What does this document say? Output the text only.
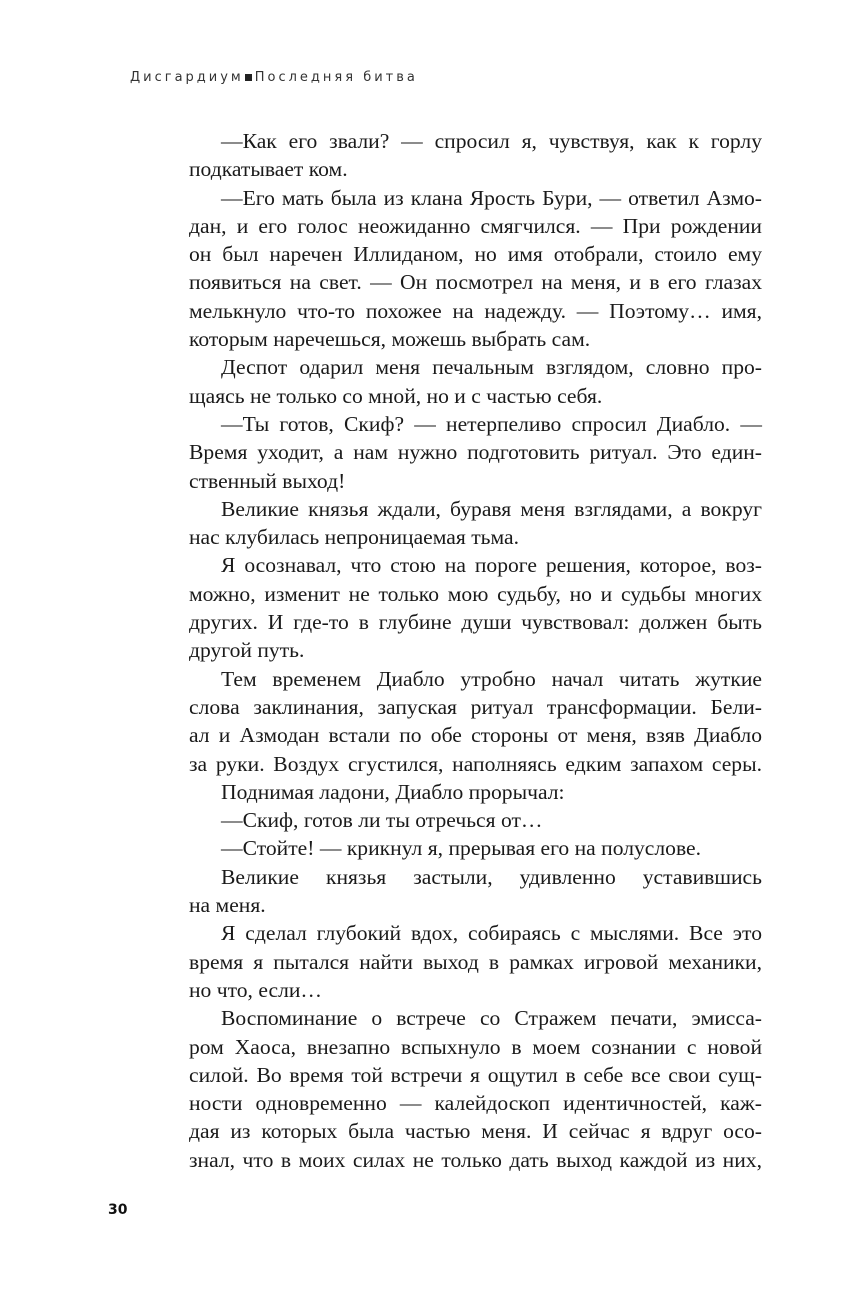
Дисгардиум Последняя битва
—Как его звали? — спросил я, чувствуя, как к горлу
подкатывает ком.
—Его мать была из клана Ярость Бури, — ответил Азмо-
дан, и его голос неожиданно смягчился. — При рождении
он был наречен Иллиданом, но имя отобрали, стоило ему
появиться на свет. — Он посмотрел на меня, и в его глазах
мелькнуло что-то похожее на надежду. — Поэтому… имя,
которым наречешься, можешь выбрать сам.
Деспот одарил меня печальным взглядом, словно про-
щаясь не только со мной, но и с частью себя.
—Ты готов, Скиф? — нетерпеливо спросил Диабло. —
Время уходит, а нам нужно подготовить ритуал. Это един-
ственный выход!
Великие князья ждали, буравя меня взглядами, а вокруг
нас клубилась непроницаемая тьма.
Я осознавал, что стою на пороге решения, которое, воз-
можно, изменит не только мою судьбу, но и судьбы многих
других. И где-то в глубине души чувствовал: должен быть
другой путь.
Тем временем Диабло утробно начал читать жуткие
слова заклинания, запуская ритуал трансформации. Бели-
ал и Азмодан встали по обе стороны от меня, взяв Диабло
за руки. Воздух сгустился, наполняясь едким запахом серы.
Поднимая ладони, Диабло прорычал:
—Скиф, готов ли ты отречься от…
—Стойте! — крикнул я, прерывая его на полуслове.
Великие князья застыли, удивленно уставившись
на меня.
Я сделал глубокий вдох, собираясь с мыслями. Все это
время я пытался найти выход в рамках игровой механики,
но что, если…
Воспоминание о встрече со Стражем печати, эмисса-
ром Хаоса, внезапно вспыхнуло в моем сознании с новой
силой. Во время той встречи я ощутил в себе все свои сущ-
ности одновременно — калейдоскоп идентичностей, каж-
дая из которых была частью меня. И сейчас я вдруг осо-
знал, что в моих силах не только дать выход каждой из них,
30
